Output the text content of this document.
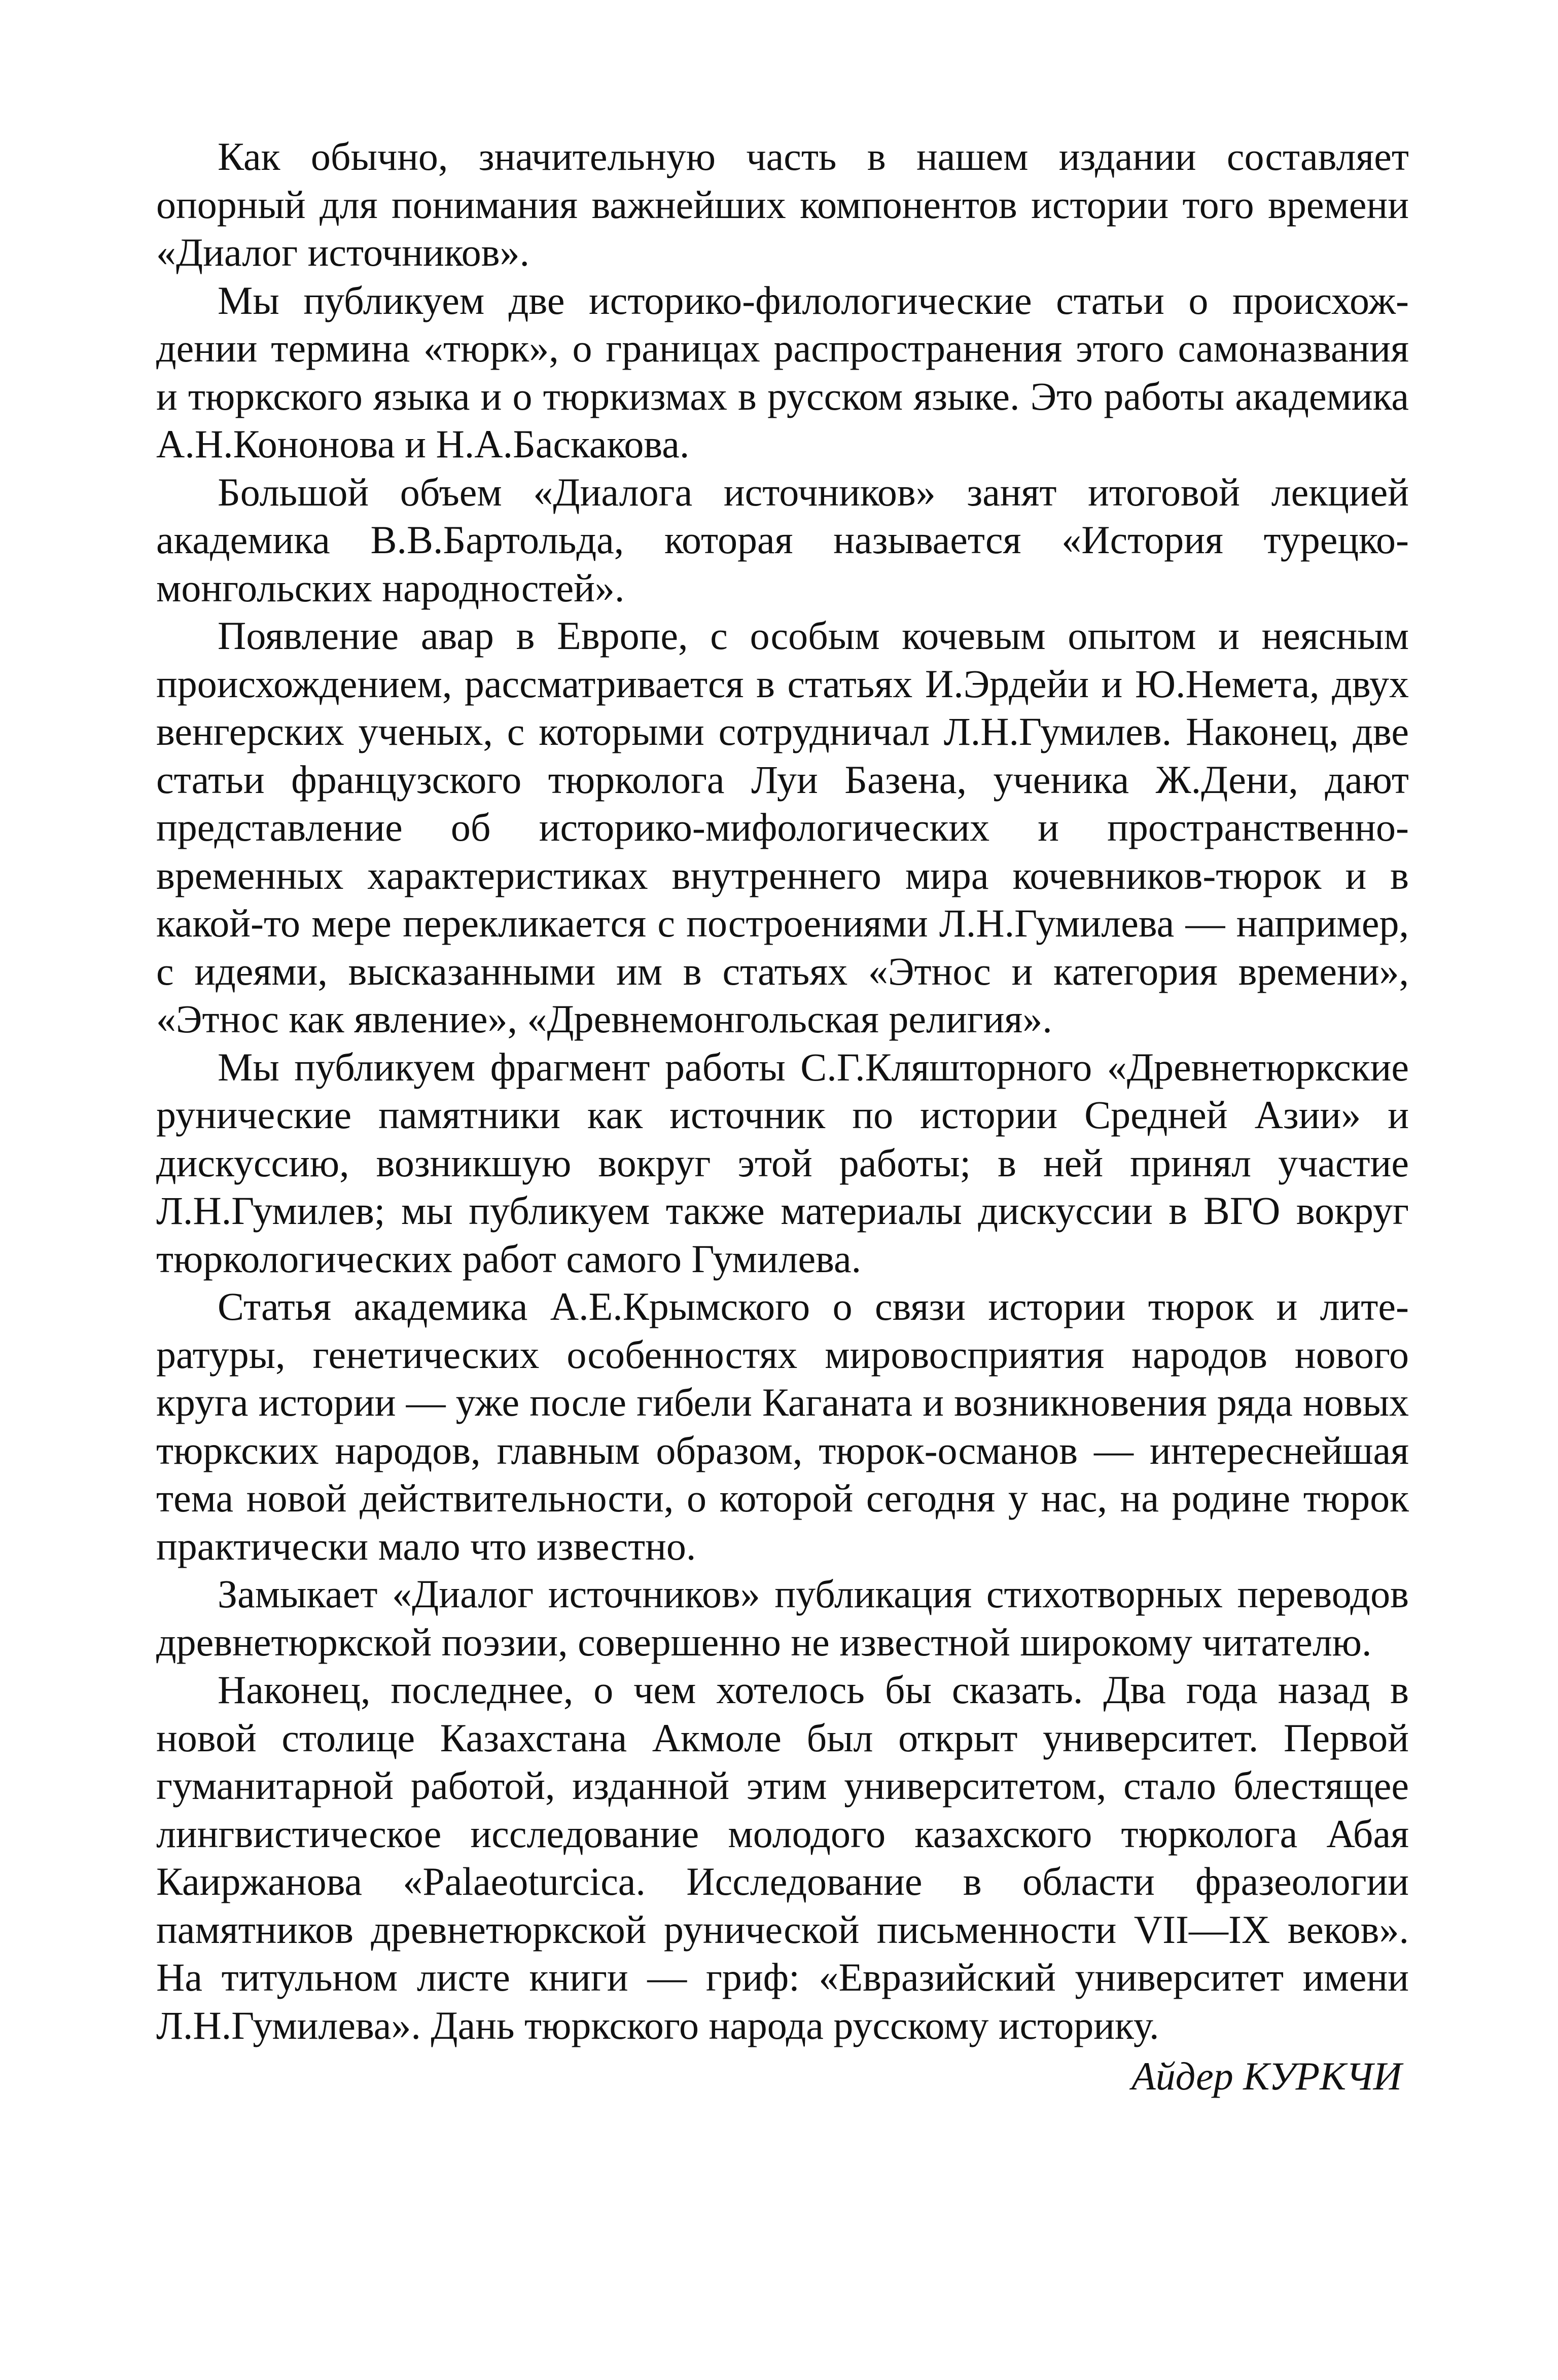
Как обычно, значительную часть в нашем издании составляет опорный для понимания важнейших компонентов истории того времени «Диалог источников».

Мы публикуем две историко-филологические статьи о происхождении термина «тюрк», о границах распространения этого самоназвания и тюркского языка и о тюркизмах в русском языке. Это работы академика А.Н.Кононова и Н.А.Баскакова.

Большой объем «Диалога источников» занят итоговой лекцией академика В.В.Бартольда, которая называется «История турецко-монгольских народностей».

Появление авар в Европе, с особым кочевым опытом и неясным происхождением, рассматривается в статьях И.Эрдейи и Ю.Немета, двух венгерских ученых, с которыми сотрудничал Л.Н.Гумилев. Наконец, две статьи французского тюрколога Луи Базена, ученика Ж.Дени, дают представление об историко-мифологических и пространственно-временных характеристиках внутреннего мира кочевников-тюрок и в какой-то мере перекликается с построениями Л.Н.Гумилева — например, с идеями, высказанными им в статьях «Этнос и категория времени», «Этнос как явление», «Древнемонгольская религия».

Мы публикуем фрагмент работы С.Г.Кляшторного «Древнетюркские рунические памятники как источник по истории Средней Азии» и дискуссию, возникшую вокруг этой работы; в ней принял участие Л.Н.Гумилев; мы публикуем также материалы дискуссии в ВГО вокруг тюркологических работ самого Гумилева.

Статья академика А.Е.Крымского о связи истории тюрок и литературы, генетических особенностях мировосприятия народов нового круга истории — уже после гибели Каганата и возникновения ряда новых тюркских народов, главным образом, тюрок-османов — интереснейшая тема новой действительности, о которой сегодня у нас, на родине тюрок практически мало что известно.

Замыкает «Диалог источников» публикация стихотворных переводов древнетюркской поэзии, совершенно не известной широкому читателю.

Наконец, последнее, о чем хотелось бы сказать. Два года назад в новой столице Казахстана Акмоле был открыт университет. Первой гуманитарной работой, изданной этим университетом, стало блестящее лингвистическое исследование молодого казахского тюрколога Абая Каиржанова «Palaeoturcica. Исследование в области фразеологии памятников древнетюркской рунической письменности VII—IX веков». На титульном листе книги — гриф: «Евразийский университет имени Л.Н.Гумилева». Дань тюркского народа русскому историку.

Айдер КУРКЧИ
